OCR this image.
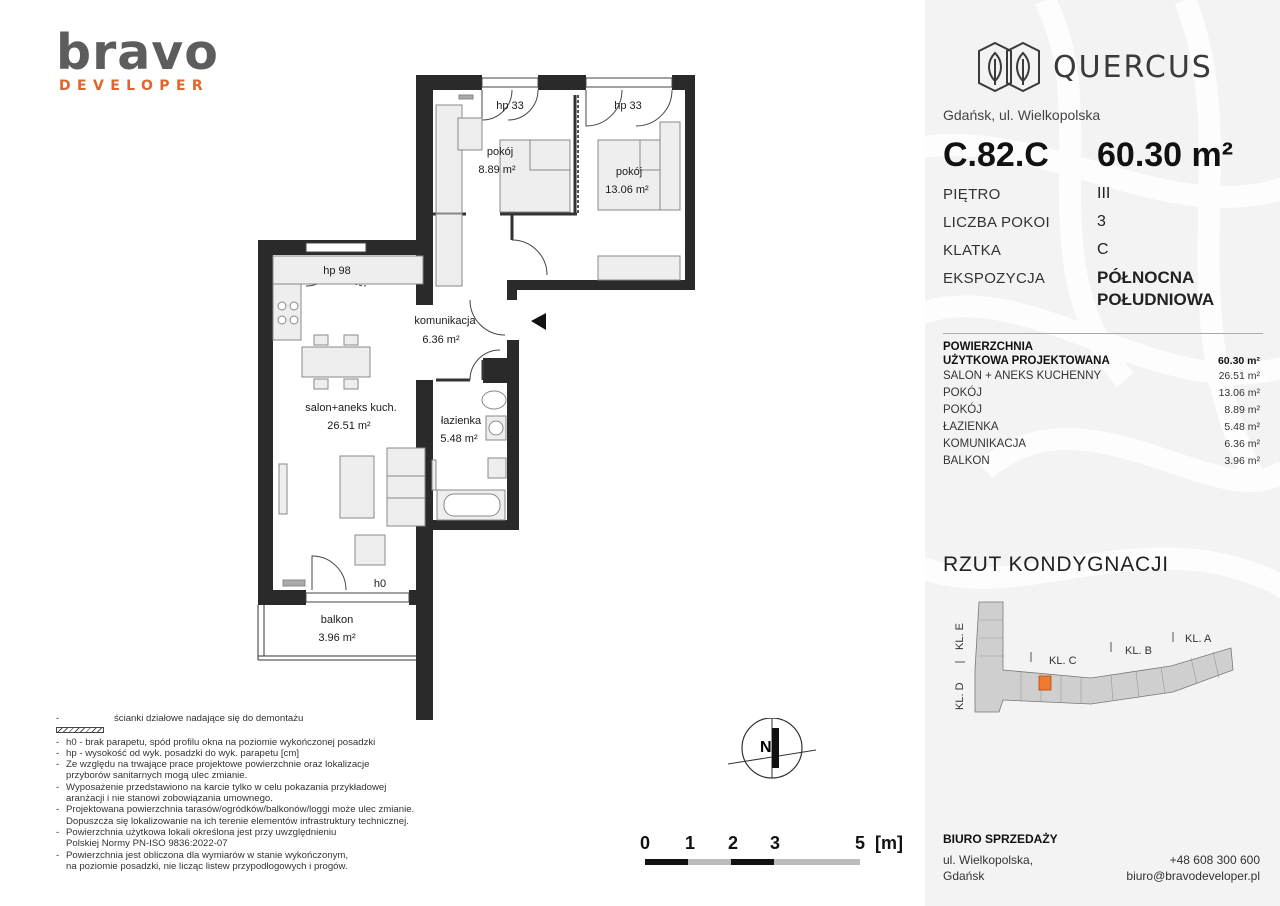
bravo
DEVELOPER
pokój
8.89 m²	pokój
13.06 m²
komunikacja
6.36 m²
salon+aneks kuch.
26.51 m²	łazienka
5.48 m²
balkon
3.96 m²
hp 33	hp 33
hp 98
h0
-	ścianki działowe nadające się do demontażu
- h0 - brak parapetu, spód profilu okna na poziomie wykończonej posadzki
- hp - wysokość od wyk. posadzki do wyk. parapetu [cm]
- Ze względu na trwające prace projektowe powierzchnie oraz lokalizacje
przyborów sanitarnych mogą ulec zmianie.
- Wyposażenie przedstawiono na karcie tylko w celu pokazania przykładowej
aranżacji i nie stanowi zobowiązania umownego.
- Projektowana powierzchnia tarasów/ogródków/balkonów/loggi może ulec zmianie.
Dopuszcza się lokalizowanie na ich terenie elementów infrastruktury technicznej.
- Powierzchnia użytkowa lokali określona jest przy uwzględnieniu
Polskiej Normy PN-ISO 9836:2022-07
- Powierzchnia jest obliczona dla wymiarów w stanie wykończonym,
na poziomie posadzki, nie licząc listew przypodłogowych i progów.
N
0 1 2 3	5 [m]
QUERCUS
Gdańsk, ul. Wielkopolska
C.82.C 60.30 m²
PIĘTRO	III
LICZBA POKOI	3
KLATKA	C
EKSPOZYCJA	PÓŁNOCNA
POŁUDNIOWA
POWIERZCHNIA
UŻYTKOWA PROJEKTOWANA	60.30 m²
SALON + ANEKS KUCHENNY	26.51 m²
POKÓJ	13.06 m²
POKÓJ	8.89 m²
ŁAZIENKA	5.48 m²
KOMUNIKACJA	6.36 m²
BALKON	3.96 m²
RZUT KONDYGNACJI
KL. E
KL. D
KL. C
KL. B
KL. A
BIURO SPRZEDAŻY
ul. Wielkopolska,
Gdańsk
+48 608 300 600
biuro@bravodeveloper.pl
